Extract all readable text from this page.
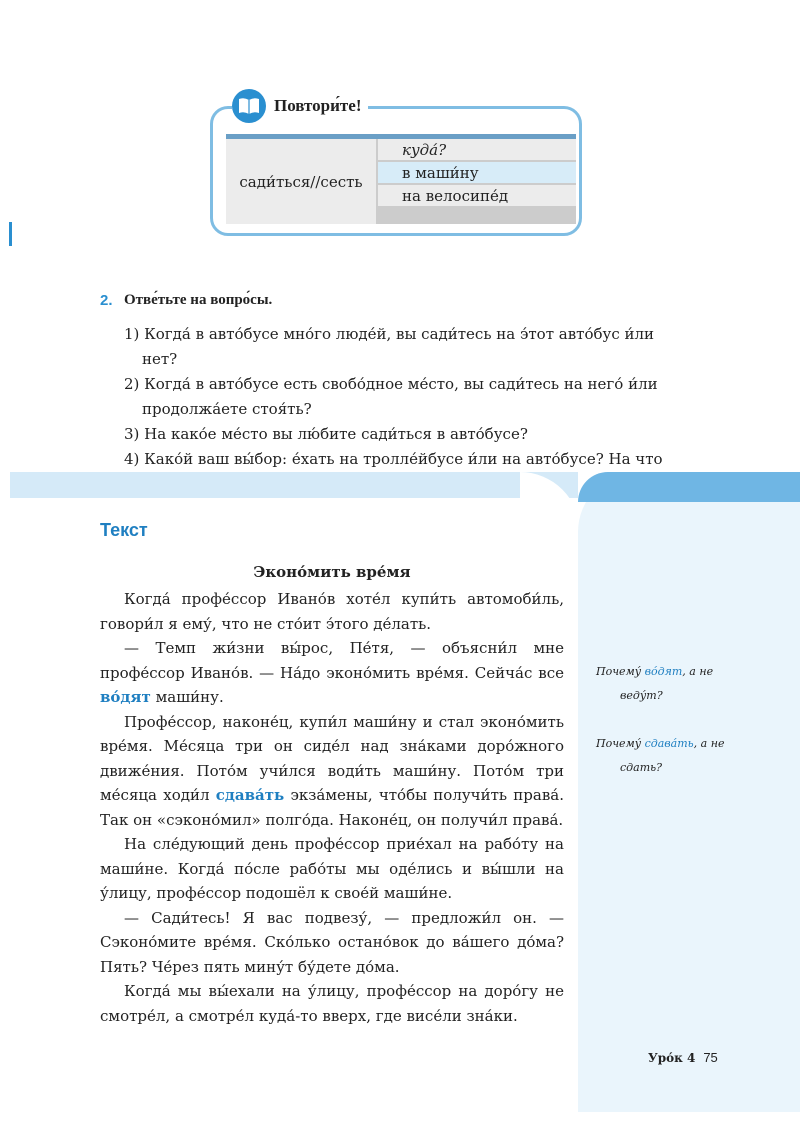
Повтори́те!
сади́ться//сесть
куда́?
в маши́ну
на велосипе́д
2. Отве́тьте на вопро́сы.
1) Когда́ в авто́бусе мно́го люде́й, вы сади́тесь на э́тот авто́бус и́ли нет?
2) Когда́ в авто́бусе есть свобо́дное ме́сто, вы сади́тесь на него́ и́ли продолжа́ете стоя́ть?
3) На како́е ме́сто вы лю́бите сади́ться в авто́бусе?
4) Како́й ваш вы́бор: е́хать на тролле́йбусе и́ли на авто́бусе? На что
Текст
Эконо́мить вре́мя

Когда́ профе́ссор Ивано́в хоте́л купи́ть автомоби́ль, говори́л я ему́, что не сто́ит э́того де́лать.

— Темп жи́зни вы́рос, Пе́тя, — объясни́л мне профе́ссор Ивано́в. — На́до эконо́мить вре́мя. Сейча́с все во́дят маши́ну.

Профе́ссор, наконе́ц, купи́л маши́ну и стал эконо́мить вре́мя. Ме́сяца три он сиде́л над зна́ками доро́жного движе́ния. Пото́м учи́лся води́ть маши́ну. Пото́м три ме́сяца ходи́л сдава́ть экза́мены, что́бы получи́ть права́. Так он «сэконо́мил» полго́да. Наконе́ц, он получи́л права́.

На сле́дующий день профе́ссор прие́хал на рабо́ту на маши́не. Когда́ по́сле рабо́ты мы оде́лись и вы́шли на у́лицу, профе́ссор подошёл к свое́й маши́не.

— Сади́тесь! Я вас подвезу́, — предложи́л он. — Сэконо́мите вре́мя. Ско́лько остано́вок до ва́шего до́ма? Пять? Че́рез пять мину́т бу́дете до́ма.

Когда́ мы вы́ехали на у́лицу, профе́ссор на доро́гу не смотре́л, а смотре́л куда́-то вверх, где висе́ли зна́ки.

Почему́ во́дят, а не
веду́т?
Почему́ сдава́ть, а не
сдать?
Уро́к 4 75
